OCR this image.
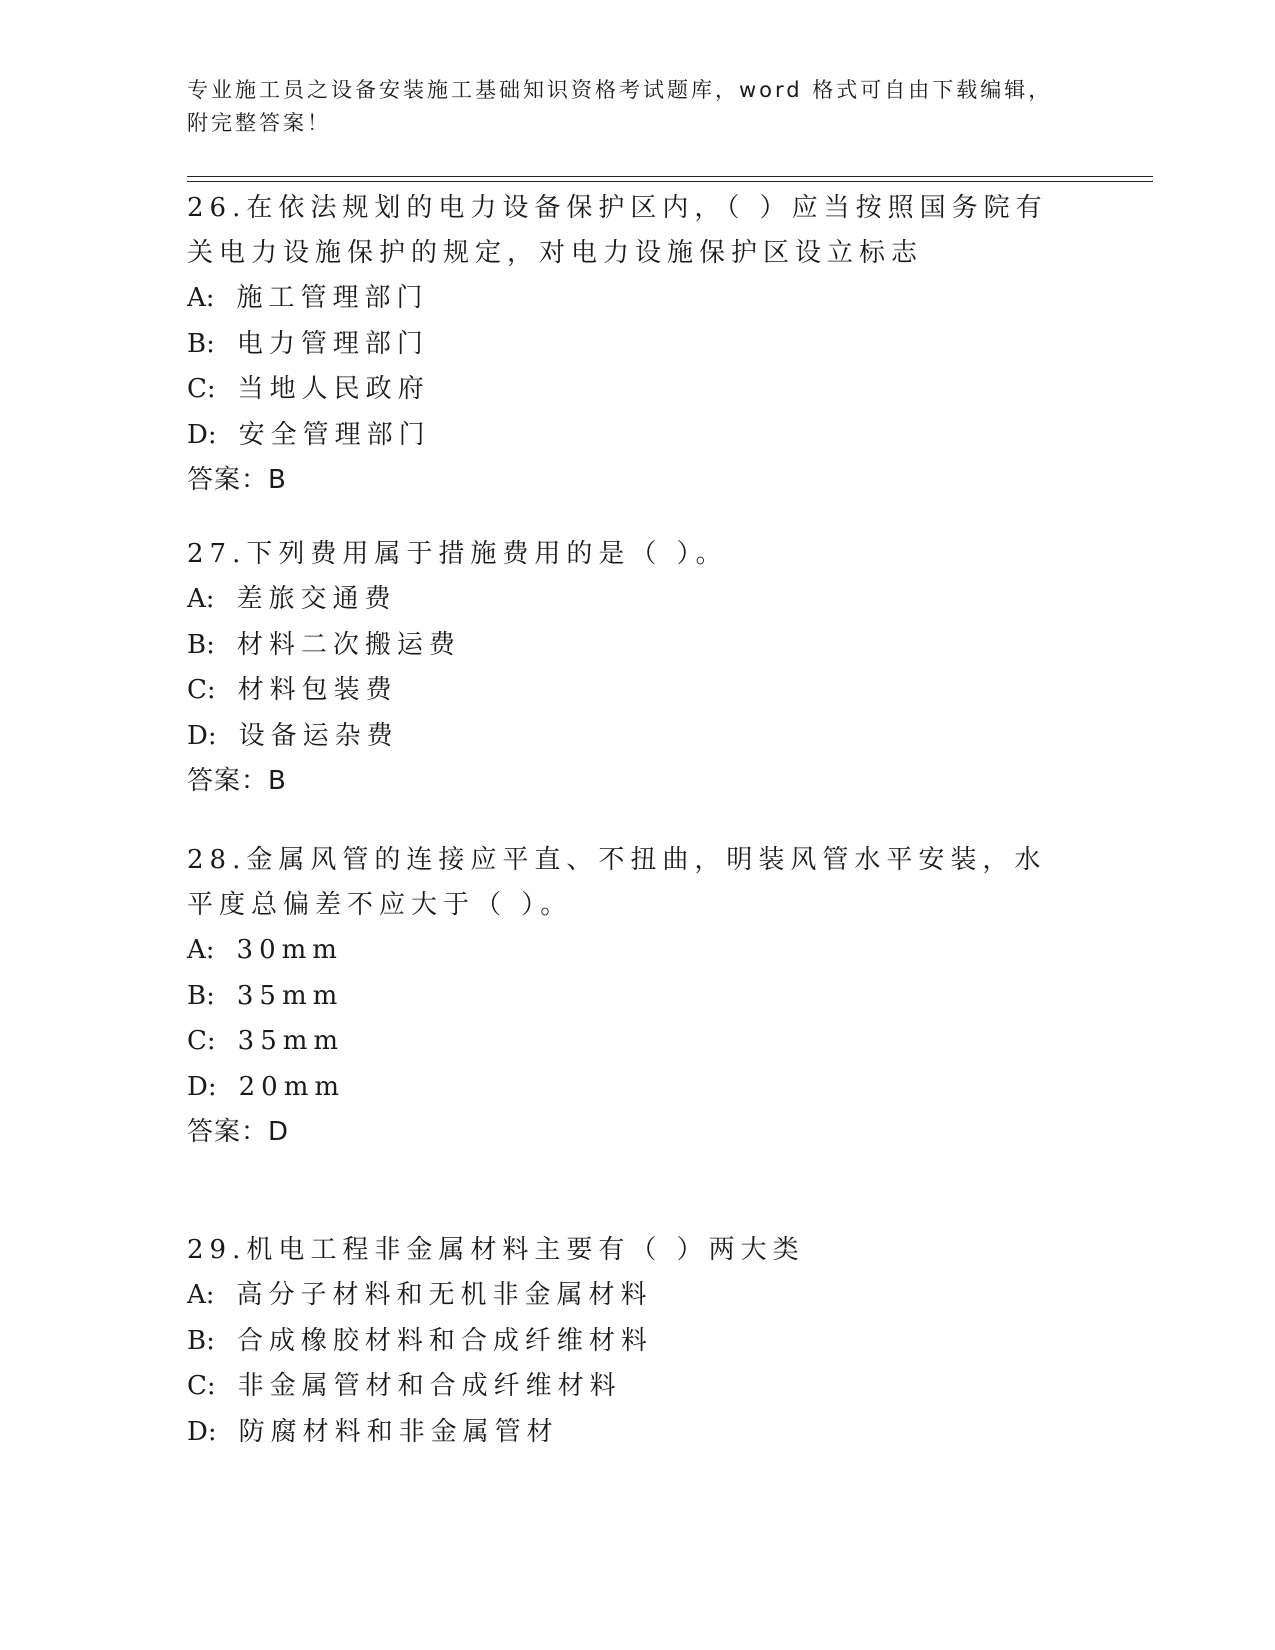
专业施工员之设备安装施工基础知识资格考试题库，word 格式可自由下载编辑，
附完整答案！

26.在依法规划的电力设备保护区内，（ ）应当按照国务院有关电力设施保护的规定，对电力设施保护区设立标志

A: 施工管理部门
B: 电力管理部门
C: 当地人民政府
D: 安全管理部门
答案：B

27.下列费用属于措施费用的是（ ）。

A: 差旅交通费
B: 材料二次搬运费
C: 材料包装费
D: 设备运杂费
答案：B

28.金属风管的连接应平直、不扭曲，明装风管水平安装，水平度总偏差不应大于（ ）。

A: 30mm
B: 35mm
C: 35mm
D: 20mm
答案：D

29.机电工程非金属材料主要有（ ）两大类

A: 高分子材料和无机非金属材料
B: 合成橡胶材料和合成纤维材料
C: 非金属管材和合成纤维材料
D: 防腐材料和非金属管材
